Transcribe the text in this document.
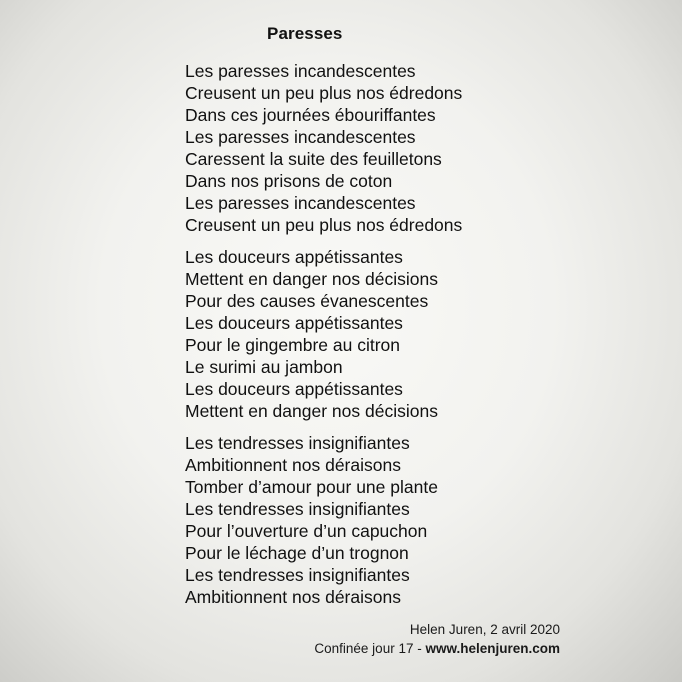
Paresses
Les paresses incandescentes
Creusent un peu plus nos édredons
Dans ces journées ébouriffantes
Les paresses incandescentes
Caressent la suite des feuilletons
Dans nos prisons de coton
Les paresses incandescentes
Creusent un peu plus nos édredons
Les douceurs appétissantes
Mettent en danger nos décisions
Pour des causes évanescentes
Les douceurs appétissantes
Pour le gingembre au citron
Le surimi au jambon
Les douceurs appétissantes
Mettent en danger nos décisions
Les tendresses insignifiantes
Ambitionnent nos déraisons
Tomber d’amour pour une plante
Les tendresses insignifiantes
Pour l’ouverture d’un capuchon
Pour le léchage d’un trognon
Les tendresses insignifiantes
Ambitionnent nos déraisons
Helen Juren, 2 avril 2020
Confinée jour 17 - www.helenjuren.com
